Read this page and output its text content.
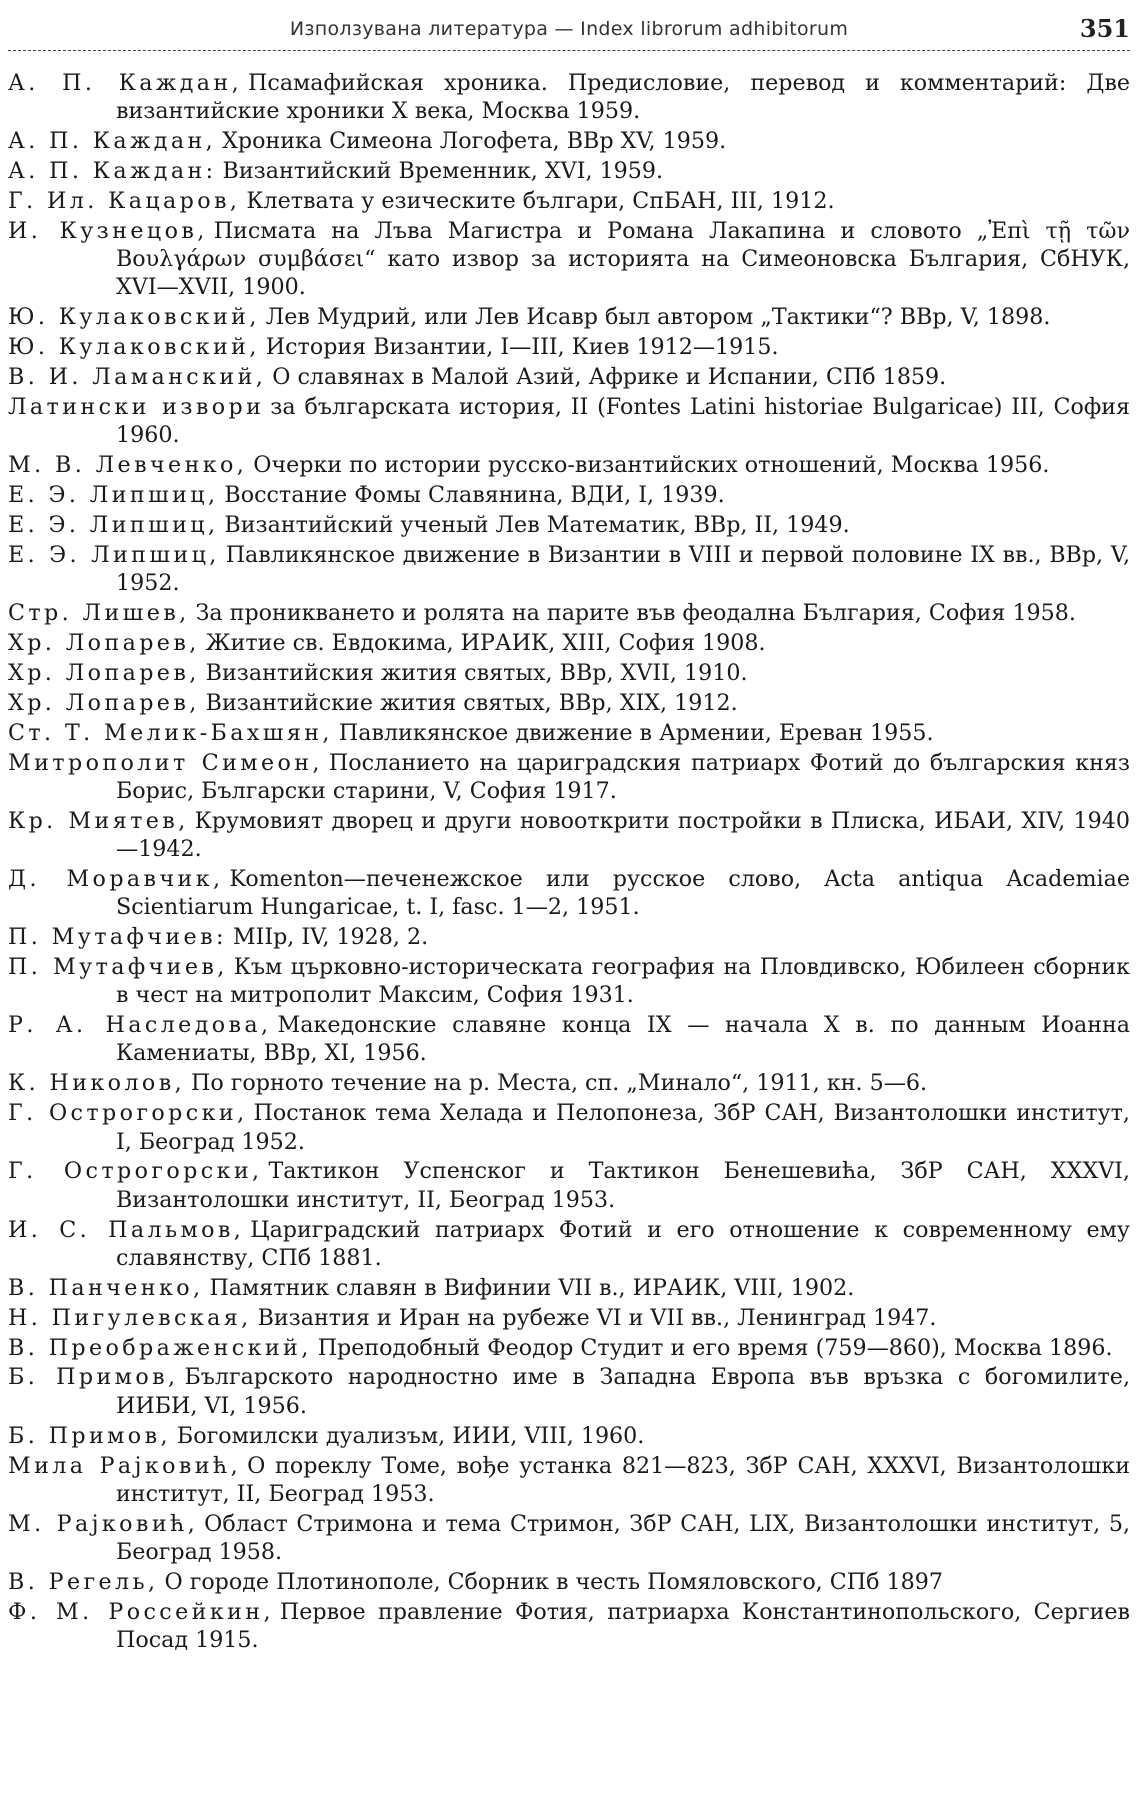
Използувана литература — Index librorum adhibitorum	351
А. П. Каждан, Псамафийская хроника. Предисловие, перевод и комментарий: Две византийские хроники X века, Москва 1959.
А. П. Каждан, Хроника Симеона Логофета, ВВр XV, 1959.
А. П. Каждан: Византийский Временник, XVI, 1959.
Г. Ил. Кацаров, Клетвата у езическите българи, СпБАН, III, 1912.
И. Кузнецов, Писмата на Лъва Магистра и Романа Лакапина и словото „Ἐπὶ τῇ τῶν Βουλγάρων συμβάσει“ като извор за историята на Симеоновска България, СбНУК, XVI—XVII, 1900.
Ю. Кулаковский, Лев Мудрий, или Лев Исавр был автором „Тактики“? ВВр, V, 1898.
Ю. Кулаковский, История Византии, I—III, Киев 1912—1915.
В. И. Ламанский, О славянах в Малой Азий, Африке и Испании, СПб 1859.
Латински извори за българската история, II (Fontes Latini historiae Bulgaricae) III, София 1960.
М. В. Левченко, Очерки по истории русско-византийских отношений, Москва 1956.
Е. Э. Липшиц, Восстание Фомы Славянина, ВДИ, I, 1939.
Е. Э. Липшиц, Византийский ученый Лев Математик, ВВр, II, 1949.
Е. Э. Липшиц, Павликянское движение в Византии в VIII и первой половине IX вв., ВВр, V, 1952.
Стр. Лишев, За проникването и ролята на парите във феодална България, София 1958.
Хр. Лопарев, Житие св. Евдокима, ИРАИК, XIII, София 1908.
Хр. Лопарев, Византийския жития святых, ВВр, XVII, 1910.
Хр. Лопарев, Византийские жития святых, ВВр, XIX, 1912.
Ст. Т. Мелик-Бахшян, Павликянское движение в Армении, Ереван 1955.
Митрополит Симеон, Посланието на цариградския патриарх Фотий до българския княз Борис, Български старини, V, София 1917.
Кр. Миятев, Крумовият дворец и други новооткрити постройки в Плиска, ИБАИ, XIV, 1940—1942.
Д. Моравчик, Komenton—печенежское или русское слово, Acta antiqua Academiae Scientiarum Hungaricae, t. I, fasc. 1—2, 1951.
П. Мутафчиев: MIIр, IV, 1928, 2.
П. Мутафчиев, Към църковно-историческата география на Пловдивско, Юбилеен сборник в чест на митрополит Максим, София 1931.
Р. А. Наследова, Македонские славяне конца IX — начала X в. по данным Иоанна Камениаты, ВВр, XI, 1956.
К. Николов, По горното течение на р. Места, сп. „Минало“, 1911, кн. 5—6.
Г. Острогорски, Постанок тема Хелада и Пелопонеза, ЗбР САН, Византолошки институт, I, Београд 1952.
Г. Острогорски, Тактикон Успенског и Тактикон Бенешевића, ЗбР САН, XXXVI, Византолошки институт, II, Београд 1953.
И. С. Пальмов, Цариградский патриарх Фотий и его отношение к современному ему славянству, СПб 1881.
В. Панченко, Памятник славян в Вифинии VII в., ИРАИК, VIII, 1902.
Н. Пигулевская, Византия и Иран на рубеже VI и VII вв., Ленинград 1947.
В. Преображенский, Преподобный Феодор Студит и его время (759—860), Москва 1896.
Б. Примов, Българското народностно име в Западна Европа във връзка с богомилите, ИИБИ, VI, 1956.
Б. Примов, Богомилски дуализъм, ИИИ, VIII, 1960.
Мила Рајковић, О пореклу Томе, вође устанка 821—823, ЗбР САН, XXXVI, Византолошки институт, II, Београд 1953.
М. Рајковић, Област Стримона и тема Стримон, ЗбР САН, LIX, Византолошки институт, 5, Београд 1958.
В. Регель, О городе Плотинополе, Сборник в честь Помяловского, СПб 1897
Ф. М. Россейкин, Первое правление Фотия, патриарха Константинопольского, Сергиев Посад 1915.
